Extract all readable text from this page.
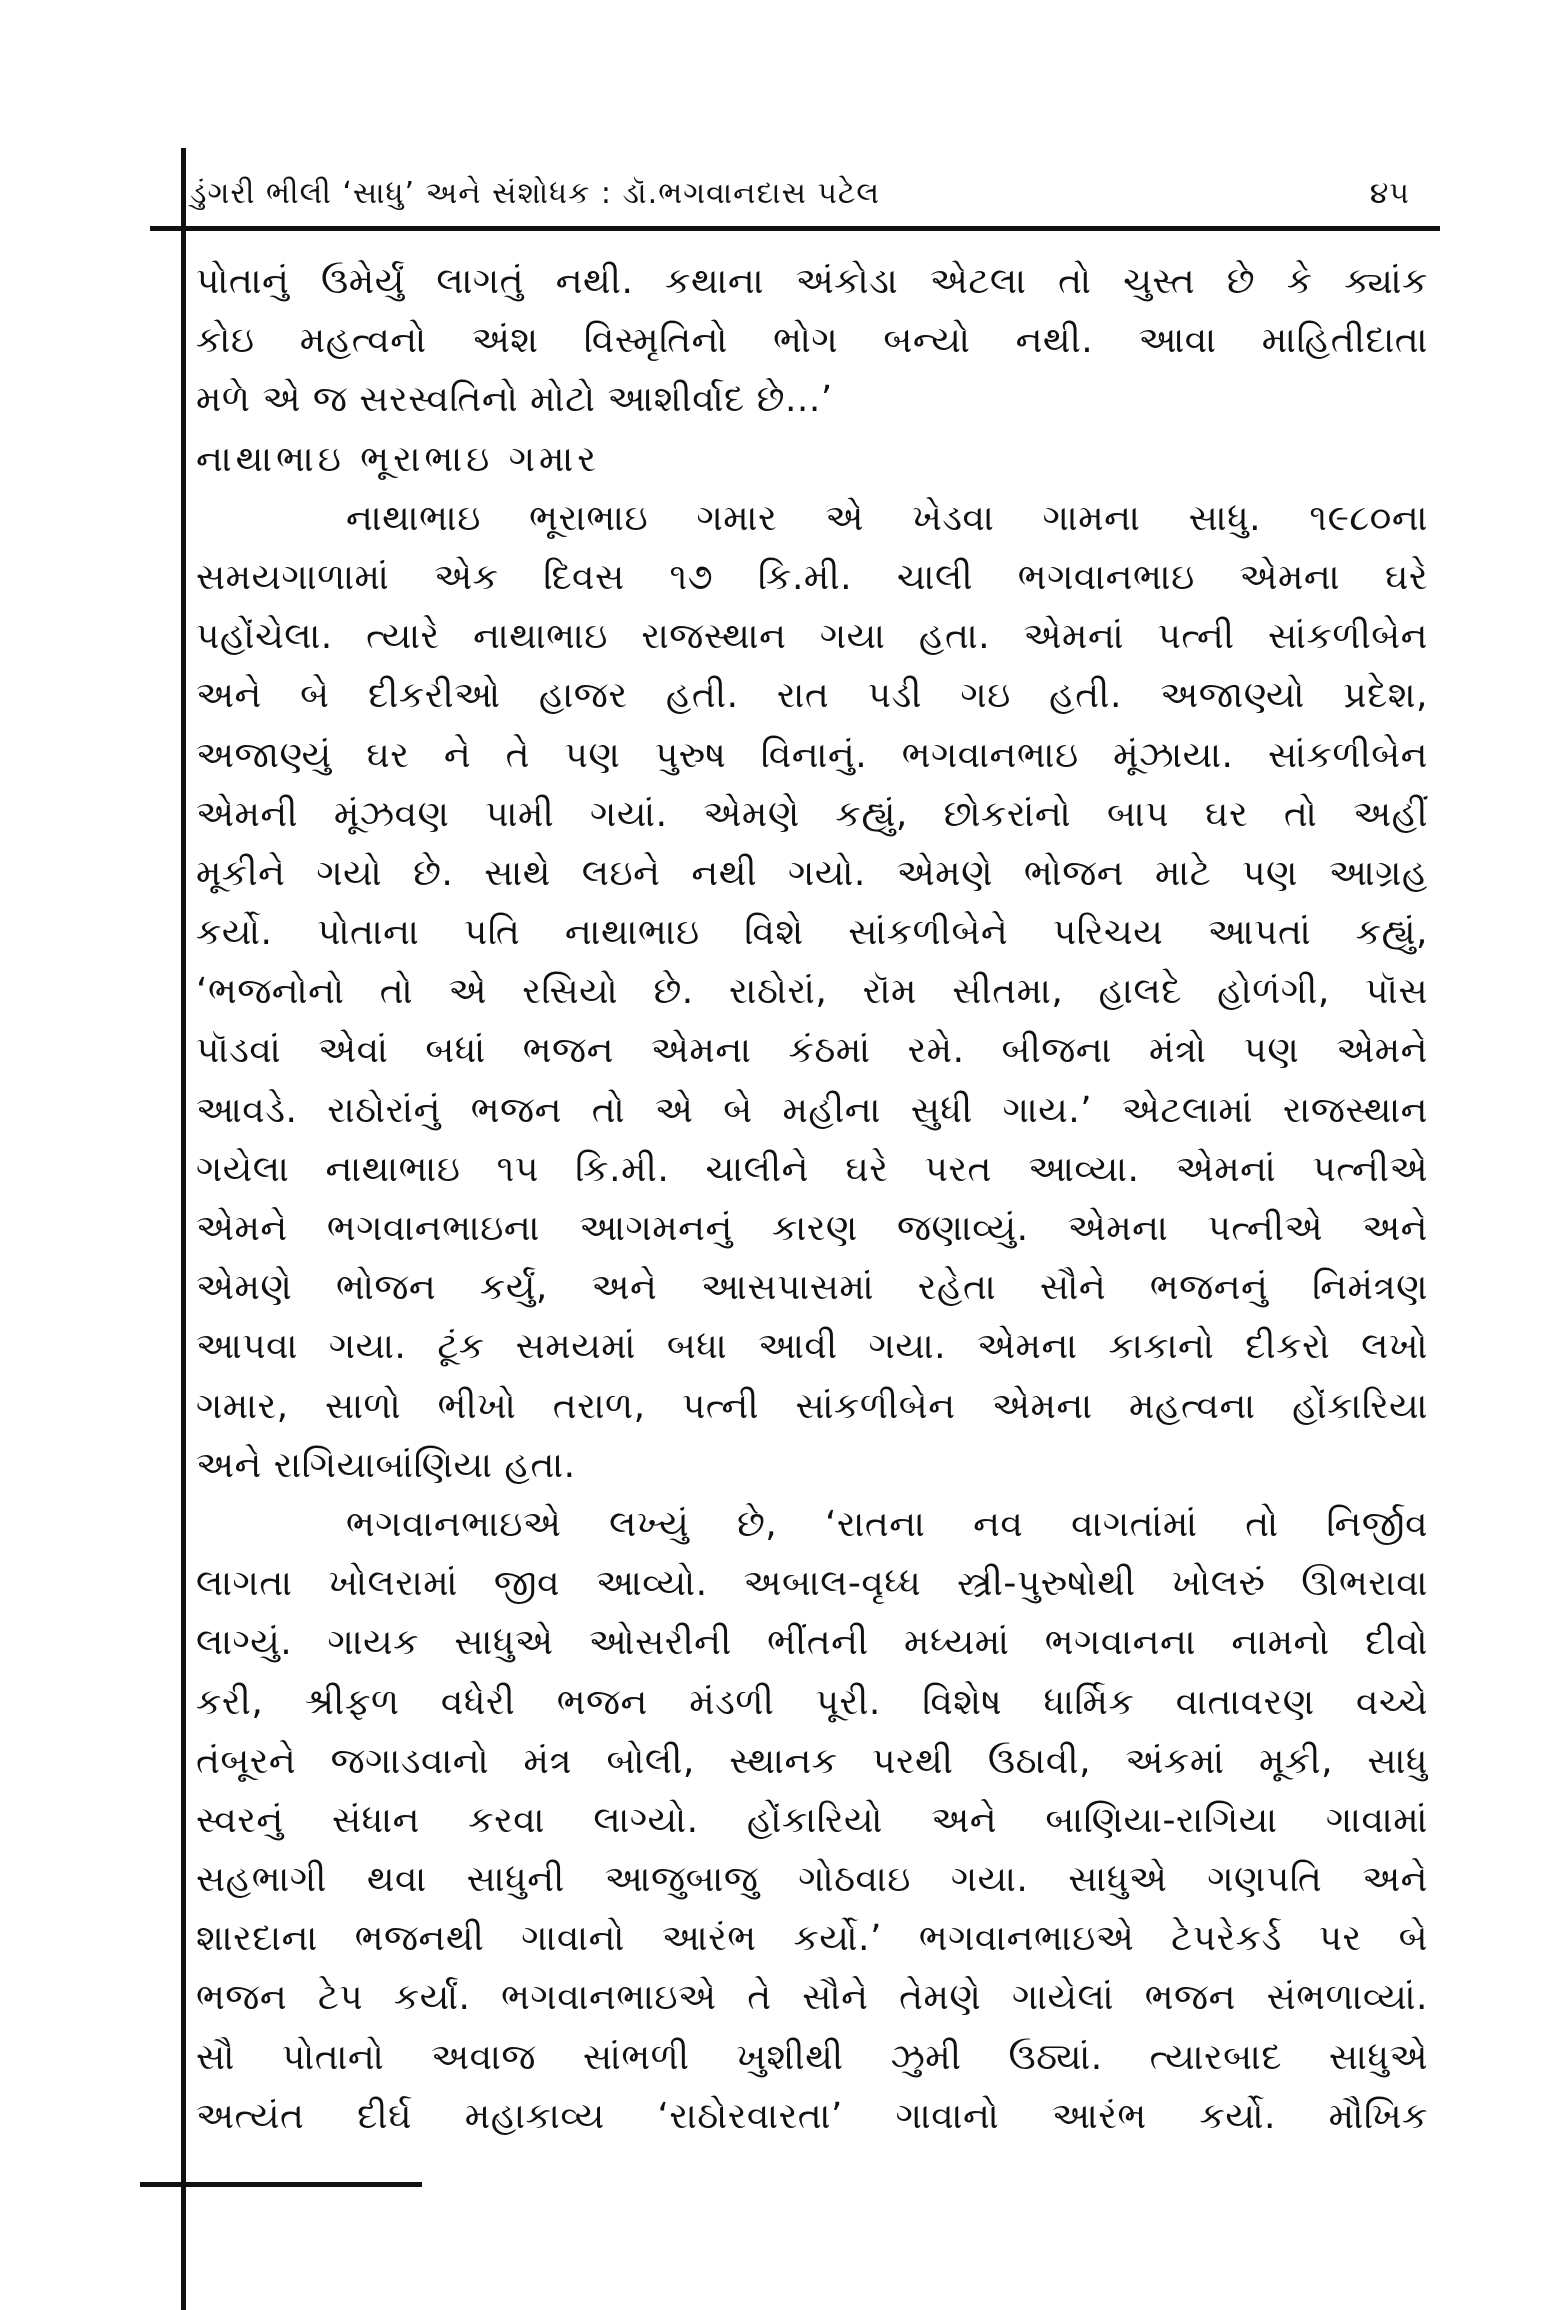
ડુંગરી ભીલી ‘સાધુ’ અને સંશોધક : ડૉ.ભગવાનદાસ પટેલ	૪૫
પોતાનું ઉમેર્યું લાગતું નથી. કથાના અંકોડા એટલા તો ચુસ્ત છે કે ક્યાંક
કોઇ મહત્વનો અંશ વિસ્મૃતિનો ભોગ બન્યો નથી. આવા માહિતીદાતા
મળે એ જ સરસ્વતિનો મોટો આશીર્વાદ છે...’
નાથાભાઇ ભૂરાભાઇ ગમાર
નાથાભાઇ ભૂરાભાઇ ગમાર એ ખેડવા ગામના સાધુ. ૧૯૮૦ના
સમયગાળામાં એક દિવસ ૧૭ કિ.મી. ચાલી ભગવાનભાઇ એમના ઘરે
પહોંચેલા. ત્યારે નાથાભાઇ રાજસ્થાન ગયા હતા. એમનાં પત્ની સાંકળીબેન
અને બે દીકરીઓ હાજર હતી. રાત પડી ગઇ હતી. અજાણ્યો પ્રદેશ,
અજાણ્યું ઘર ને તે પણ પુરુષ વિનાનું. ભગવાનભાઇ મૂંઝાયા. સાંકળીબેન
એમની મૂંઝવણ પામી ગયાં. એમણે કહ્યું, છોકરાંનો બાપ ઘર તો અહીં
મૂકીને ગયો છે. સાથે લઇને નથી ગયો. એમણે ભોજન માટે પણ આગ્રહ
કર્યો. પોતાના પતિ નાથાભાઇ વિશે સાંકળીબેને પરિચય આપતાં કહ્યું,
‘ભજનોનો તો એ રસિયો છે. રાઠોરાં, રૉમ સીતમા, હાલદે હોળંગી, પૉસ
પૉડવાં એવાં બધાં ભજન એમના કંઠમાં રમે. બીજના મંત્રો પણ એમને
આવડે. રાઠોરાંનું ભજન તો એ બે મહીના સુધી ગાય.’ એટલામાં રાજસ્થાન
ગયેલા નાથાભાઇ ૧૫ કિ.મી. ચાલીને ઘરે પરત આવ્યા. એમનાં પત્નીએ
એમને ભગવાનભાઇના આગમનનું કારણ જણાવ્યું. એમના પત્નીએ અને
એમણે ભોજન કર્યું, અને આસપાસમાં રહેતા સૌને ભજનનું નિમંત્રણ
આપવા ગયા. ટૂંક સમયમાં બધા આવી ગયા. એમના કાકાનો દીકરો લખો
ગમાર, સાળો ભીખો તરાળ, પત્ની સાંકળીબેન એમના મહત્વના હોંકારિયા
અને રાગિયાબાંણિયા હતા.
ભગવાનભાઇએ લખ્યું છે, ‘રાતના નવ વાગતાંમાં તો નિર્જીવ
લાગતા ખોલરામાં જીવ આવ્યો. અબાલ-વૃધ્ધ સ્ત્રી-પુરુષોથી ખોલરું ઊભરાવા
લાગ્યું. ગાયક સાધુએ ઓસરીની ભીંતની મધ્યમાં ભગવાનના નામનો દીવો
કરી, શ્રીફળ વધેરી ભજન મંડળી પૂરી. વિશેષ ધાર્મિક વાતાવરણ વચ્ચે
તંબૂરને જગાડવાનો મંત્ર બોલી, સ્થાનક પરથી ઉઠાવી, અંકમાં મૂકી, સાધુ
સ્વરનું સંધાન કરવા લાગ્યો. હોંકારિયો અને બાણિયા-રાગિયા ગાવામાં
સહભાગી થવા સાધુની આજુબાજુ ગોઠવાઇ ગયા. સાધુએ ગણપતિ અને
શારદાના ભજનથી ગાવાનો આરંભ કર્યો.’ ભગવાનભાઇએ ટેપરેકર્ડ પર બે
ભજન ટેપ કર્યાં. ભગવાનભાઇએ તે સૌને તેમણે ગાયેલાં ભજન સંભળાવ્યાં.
સૌ પોતાનો અવાજ સાંભળી ખુશીથી ઝુમી ઉઠ્યાં. ત્યારબાદ સાધુએ
અત્યંત દીર્ઘ મહાકાવ્ય ‘રાઠોરવારતા’ ગાવાનો આરંભ કર્યો. મૌખિક
